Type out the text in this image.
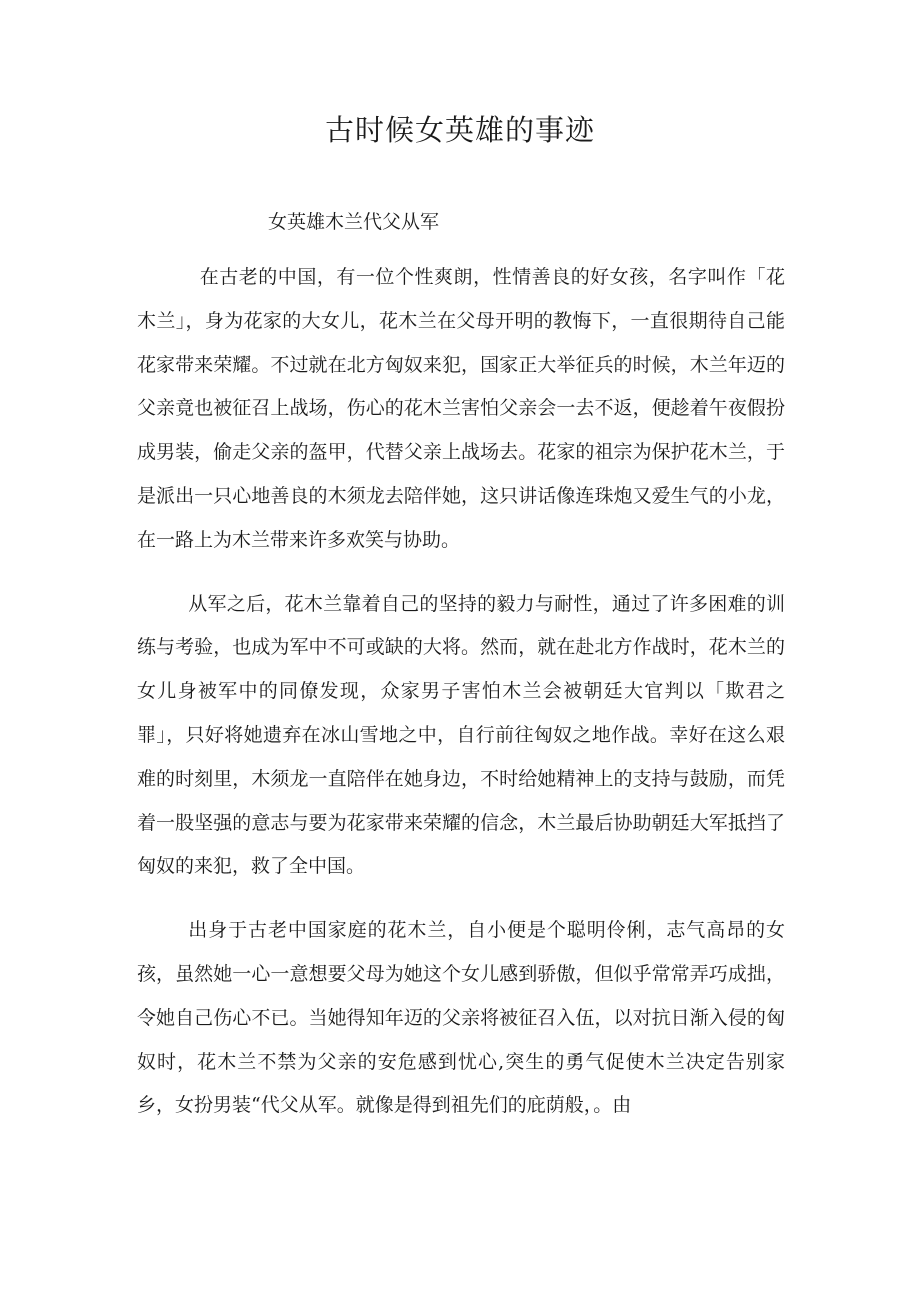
古时候女英雄的事迹

女英雄木兰代父从军

在古老的中国，有一位个性爽朗，性情善良的好女孩，名字叫作「花木兰」，身为花家的大女儿，花木兰在父母开明的教悔下，一直很期待自己能花家带来荣耀。不过就在北方匈奴来犯，国家正大举征兵的时候，木兰年迈的父亲竟也被征召上战场，伤心的花木兰害怕父亲会一去不返，便趁着午夜假扮成男装，偷走父亲的盔甲，代替父亲上战场去。花家的祖宗为保护花木兰，于是派出一只心地善良的木须龙去陪伴她，这只讲话像连珠炮又爱生气的小龙，在一路上为木兰带来许多欢笑与协助。

从军之后，花木兰靠着自己的坚持的毅力与耐性，通过了许多困难的训练与考验，也成为军中不可或缺的大将。然而，就在赴北方作战时，花木兰的女儿身被军中的同僚发现，众家男子害怕木兰会被朝廷大官判以「欺君之罪」，只好将她遗弃在冰山雪地之中，自行前往匈奴之地作战。幸好在这么艰难的时刻里，木须龙一直陪伴在她身边，不时给她精神上的支持与鼓励，而凭着一股坚强的意志与要为花家带来荣耀的信念，木兰最后协助朝廷大军抵挡了匈奴的来犯，救了全中国。

出身于古老中国家庭的花木兰，自小便是个聪明伶俐，志气高昂的女孩，虽然她一心一意想要父母为她这个女儿感到骄傲，但似乎常常弄巧成拙，令她自己伤心不已。当她得知年迈的父亲将被征召入伍，以对抗日渐入侵的匈奴时，花木兰不禁为父亲的安危感到忧心,突生的勇气促使木兰决定告别家乡，女扮男装“代父从军。就像是得到祖先们的庇荫般，。由
